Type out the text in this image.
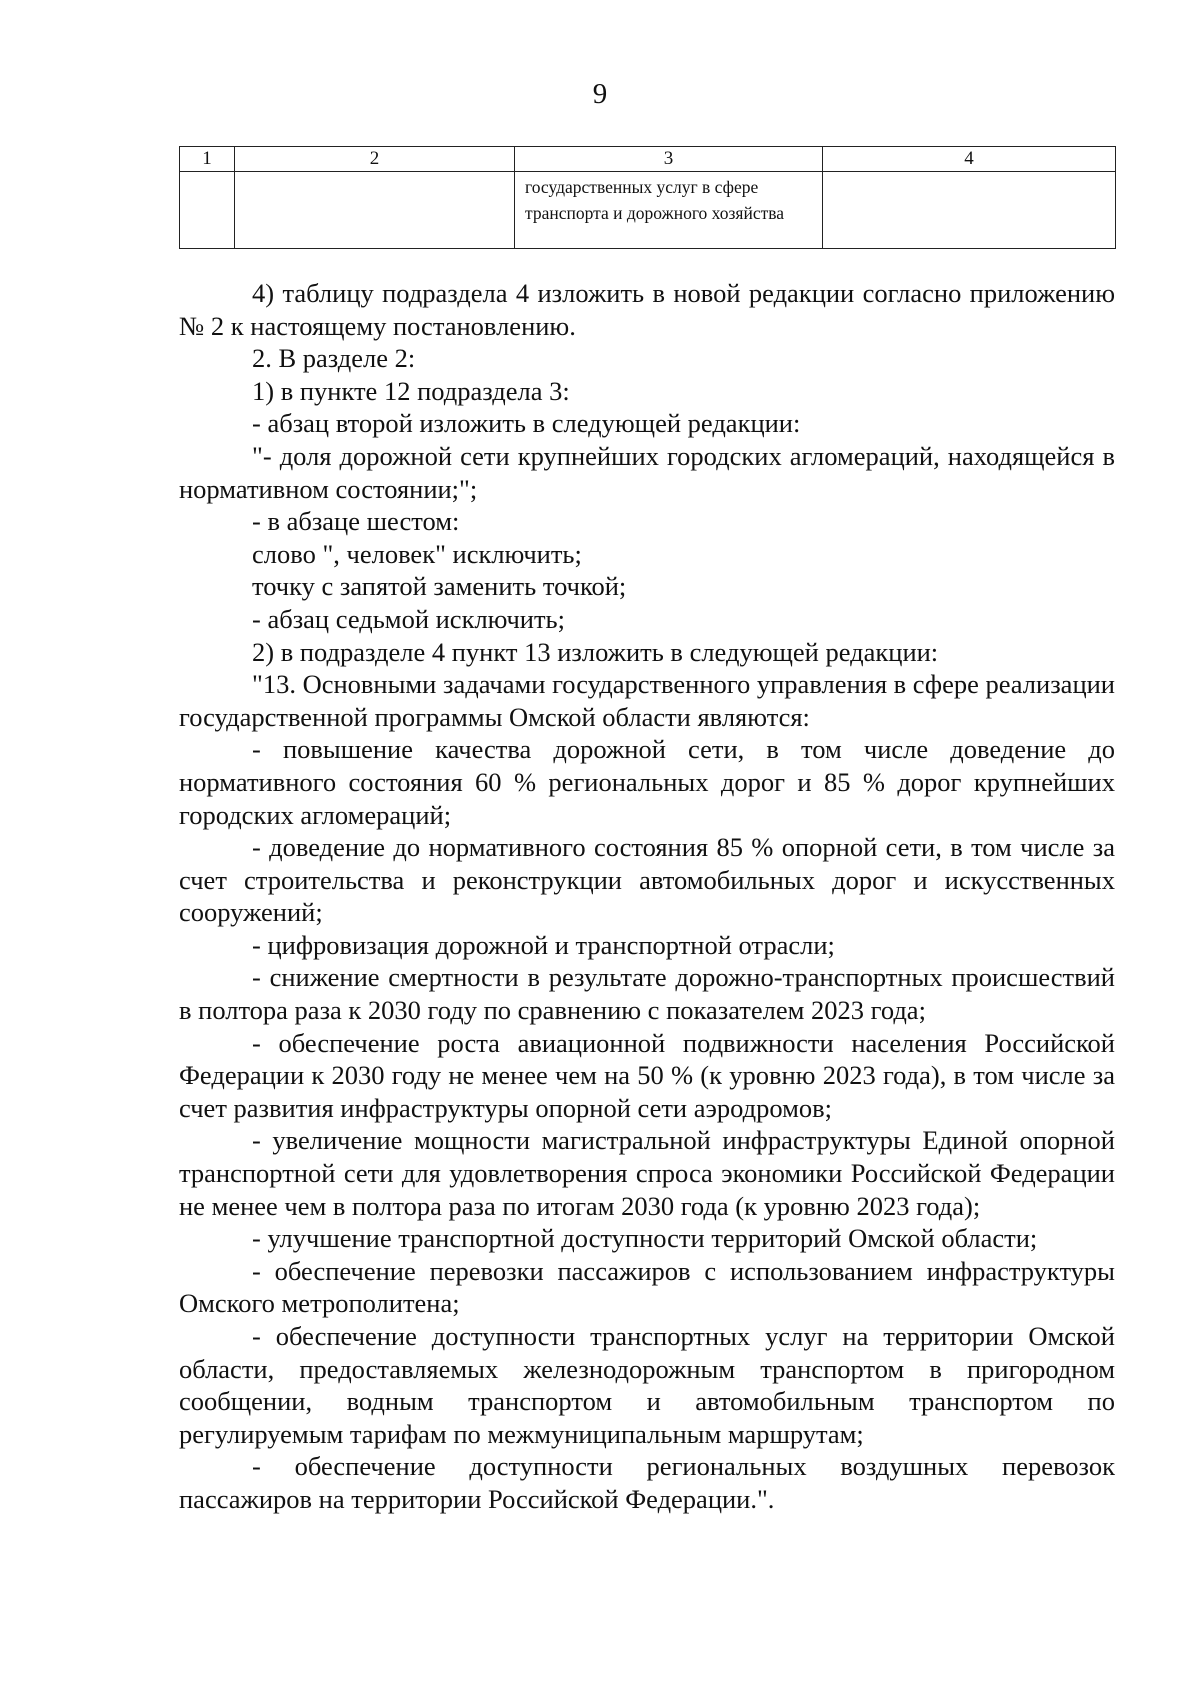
9
1	2	3	4
		государственных услуг в сфере транспорта и дорожного хозяйства	

4) таблицу подраздела 4 изложить в новой редакции согласно приложению № 2 к настоящему постановлению.

2. В разделе 2:

1) в пункте 12 подраздела 3:

- абзац второй изложить в следующей редакции:

"- доля дорожной сети крупнейших городских агломераций, находящейся в нормативном состоянии;";

- в абзаце шестом:

слово ", человек" исключить;

точку с запятой заменить точкой;

- абзац седьмой исключить;

2) в подразделе 4 пункт 13 изложить в следующей редакции:

"13. Основными задачами государственного управления в сфере реализации государственной программы Омской области являются:

- повышение качества дорожной сети, в том числе доведение до нормативного состояния 60 % региональных дорог и 85 % дорог крупнейших городских агломераций;

- доведение до нормативного состояния 85 % опорной сети, в том числе за счет строительства и реконструкции автомобильных дорог и искусственных сооружений;

- цифровизация дорожной и транспортной отрасли;

- снижение смертности в результате дорожно-транспортных происшествий в полтора раза к 2030 году по сравнению с показателем 2023 года;

- обеспечение роста авиационной подвижности населения Российской Федерации к 2030 году не менее чем на 50 % (к уровню 2023 года), в том числе за счет развития инфраструктуры опорной сети аэродромов;

- увеличение мощности магистральной инфраструктуры Единой опорной транспортной сети для удовлетворения спроса экономики Российской Федерации не менее чем в полтора раза по итогам 2030 года (к уровню 2023 года);

- улучшение транспортной доступности территорий Омской области;

- обеспечение перевозки пассажиров с использованием инфраструктуры Омского метрополитена;

- обеспечение доступности транспортных услуг на территории Омской области, предоставляемых железнодорожным транспортом в пригородном сообщении, водным транспортом и автомобильным транспортом по регулируемым тарифам по межмуниципальным маршрутам;

- обеспечение доступности региональных воздушных перевозок пассажиров на территории Российской Федерации.".
